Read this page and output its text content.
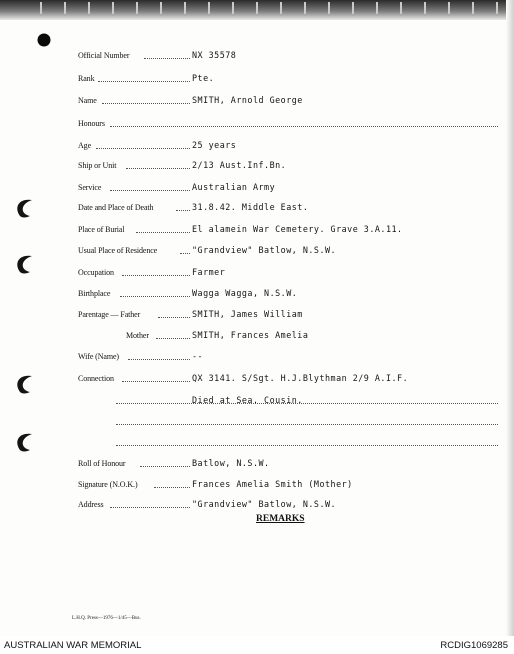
Official Number	NX 35578
Rank	Pte.
Name	SMITH, Arnold George
Honours
Age	25 years
Ship or Unit	2/13 Aust.Inf.Bn.
Service	Australian Army
Date and Place of Death	31.8.42. Middle East.
Place of Burial	El alamein War Cemetery. Grave 3.A.11.
Usual Place of Residence	"Grandview" Batlow, N.S.W.
Occupation	Farmer
Birthplace	Wagga Wagga, N.S.W.
Parentage — Father	SMITH, James William
Mother	SMITH, Frances Amelia
Wife (Name)	--
Connection	QX 3141. S/Sgt. H.J.Blythman 2/9 A.I.F.
Died at Sea. Cousin.
Roll of Honour	Batlow, N.S.W.
Signature (N.O.K.)	Frances Amelia Smith (Mother)
Address	"Grandview" Batlow, N.S.W.
REMARKS
L.H.Q. Press—1976—1/45—Bus.
AUSTRALIAN WAR MEMORIAL	RCDIG1069285
